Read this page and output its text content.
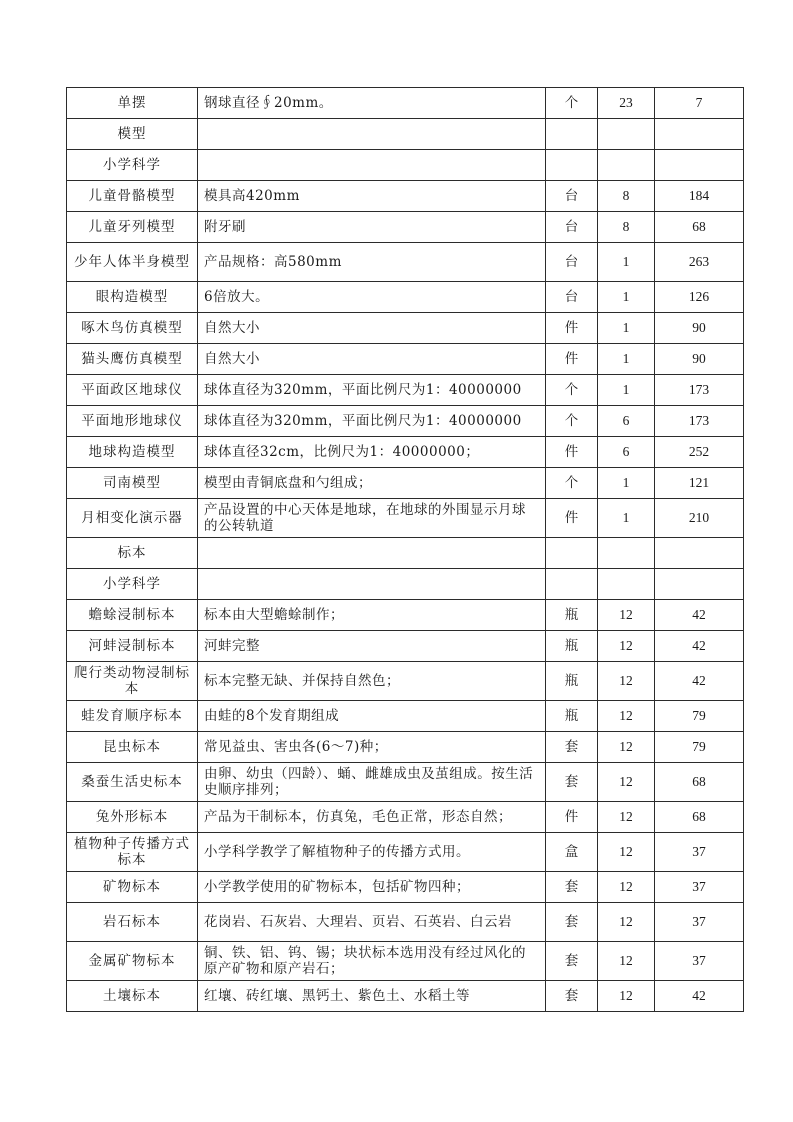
单摆	钢球直径∮20mm。	个	23	7
模型				
小学科学				
儿童骨骼模型	模具高420mm	台	8	184
儿童牙列模型	附牙刷	台	8	68
少年人体半身模型	产品规格：高580mm	台	1	263
眼构造模型	6倍放大。	台	1	126
啄木鸟仿真模型	自然大小	件	1	90
猫头鹰仿真模型	自然大小	件	1	90
平面政区地球仪	球体直径为320mm，平面比例尺为1：40000000	个	1	173
平面地形地球仪	球体直径为320mm，平面比例尺为1：40000000	个	6	173
地球构造模型	球体直径32cm，比例尺为1：40000000；	件	6	252
司南模型	模型由青铜底盘和勺组成；	个	1	121
月相变化演示器	产品设置的中心天体是地球，在地球的外围显示月球的公转轨道	件	1	210
标本				
小学科学				
蟾蜍浸制标本	标本由大型蟾蜍制作；	瓶	12	42
河蚌浸制标本	河蚌完整	瓶	12	42
爬行类动物浸制标本	标本完整无缺、并保持自然色；	瓶	12	42
蛙发育顺序标本	由蛙的8个发育期组成	瓶	12	79
昆虫标本	常见益虫、害虫各(6～7)种；	套	12	79
桑蚕生活史标本	由卵、幼虫（四龄）、蛹、雌雄成虫及茧组成。按生活史顺序排列；	套	12	68
兔外形标本	产品为干制标本，仿真兔，毛色正常，形态自然；	件	12	68
植物种子传播方式标本	小学科学教学了解植物种子的传播方式用。	盒	12	37
矿物标本	小学教学使用的矿物标本，包括矿物四种；	套	12	37
岩石标本	花岗岩、石灰岩、大理岩、页岩、石英岩、白云岩	套	12	37
金属矿物标本	铜、铁、铝、钨、锡；块状标本选用没有经过风化的原产矿物和原产岩石；	套	12	37
土壤标本	红壤、砖红壤、黑钙土、紫色土、水稻土等	套	12	42
